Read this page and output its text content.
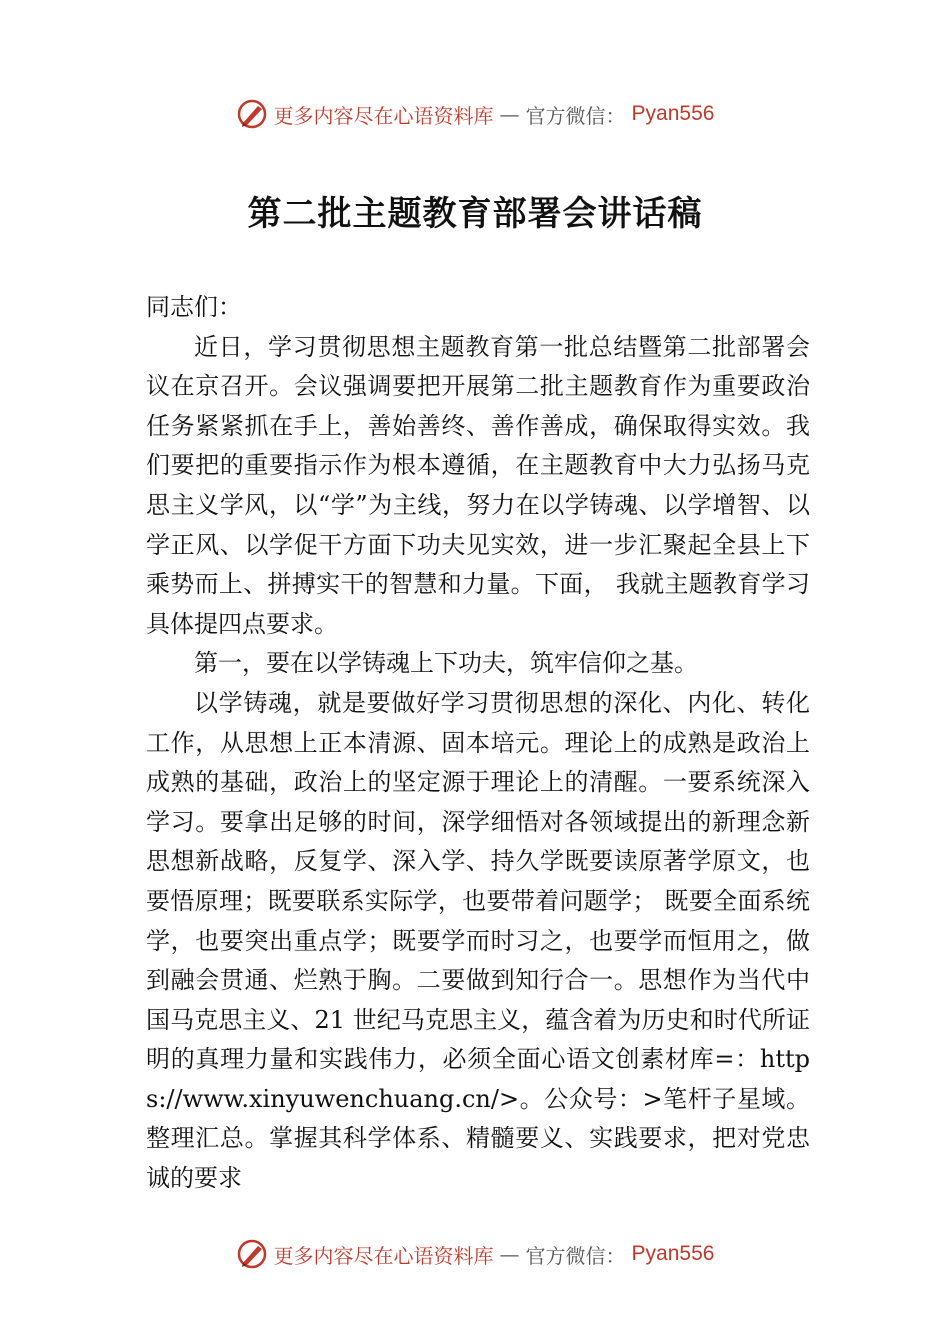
更多内容尽在心语资料库 — 官方微信： Pyan556
第二批主题教育部署会讲话稿

同志们：

近日，学习贯彻思想主题教育第一批总结暨第二批部署会议在京召开。会议强调要把开展第二批主题教育作为重要政治任务紧紧抓在手上，善始善终、善作善成，确保取得实效。我们要把的重要指示作为根本遵循，在主题教育中大力弘扬马克思主义学风，以“学”为主线，努力在以学铸魂、以学增智、以学正风、以学促干方面下功夫见实效，进一步汇聚起全县上下乘势而上、拼搏实干的智慧和力量。下面， 我就主题教育学习具体提四点要求。

第一，要在以学铸魂上下功夫，筑牢信仰之基。

以学铸魂，就是要做好学习贯彻思想的深化、内化、转化工作，从思想上正本清源、固本培元。理论上的成熟是政治上成熟的基础，政治上的坚定源于理论上的清醒。一要系统深入学习。要拿出足够的时间，深学细悟对各领域提出的新理念新思想新战略，反复学、深入学、持久学既要读原著学原文，也要悟原理；既要联系实际学，也要带着问题学； 既要全面系统学，也要突出重点学；既要学而时习之，也要学而恒用之，做到融会贯通、烂熟于胸。二要做到知行合一。思想作为当代中国马克思主义、21 世纪马克思主义，蕴含着为历史和时代所证明的真理力量和实践伟力，必须全面心语文创素材库=：https://www.xinyuwenchuang.cn/>。公众号：>笔杆子星域。整理汇总。掌握其科学体系、精髓要义、实践要求，把对党忠诚的要求

更多内容尽在心语资料库 — 官方微信： Pyan556
